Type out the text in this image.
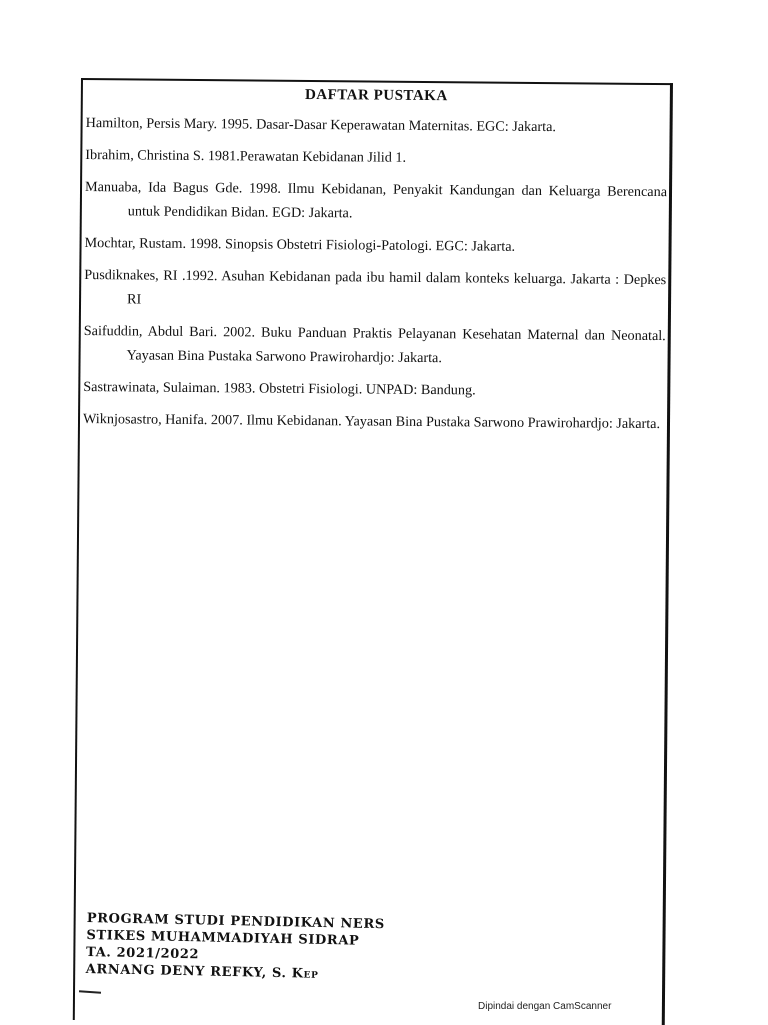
DAFTAR PUSTAKA
Hamilton, Persis Mary. 1995. Dasar-Dasar Keperawatan Maternitas. EGC: Jakarta.
Ibrahim, Christina S. 1981.Perawatan Kebidanan Jilid 1.
Manuaba, Ida Bagus Gde. 1998. Ilmu Kebidanan, Penyakit Kandungan dan Keluarga Berencana untuk Pendidikan Bidan. EGD: Jakarta.
Mochtar, Rustam. 1998. Sinopsis Obstetri Fisiologi-Patologi. EGC: Jakarta.
Pusdiknakes, RI .1992. Asuhan Kebidanan pada ibu hamil dalam konteks keluarga. Jakarta : Depkes RI
Saifuddin, Abdul Bari. 2002. Buku Panduan Praktis Pelayanan Kesehatan Maternal dan Neonatal. Yayasan Bina Pustaka Sarwono Prawirohardjo: Jakarta.
Sastrawinata, Sulaiman. 1983. Obstetri Fisiologi. UNPAD: Bandung.
Wiknjosastro, Hanifa. 2007. Ilmu Kebidanan. Yayasan Bina Pustaka Sarwono Prawirohardjo: Jakarta.
PROGRAM STUDI PENDIDIKAN NERS
STIKES MUHAMMADIYAH SIDRAP
TA. 2021/2022
ARNANG DENY REFKY, S. Kep
Dipindai dengan CamScanner
